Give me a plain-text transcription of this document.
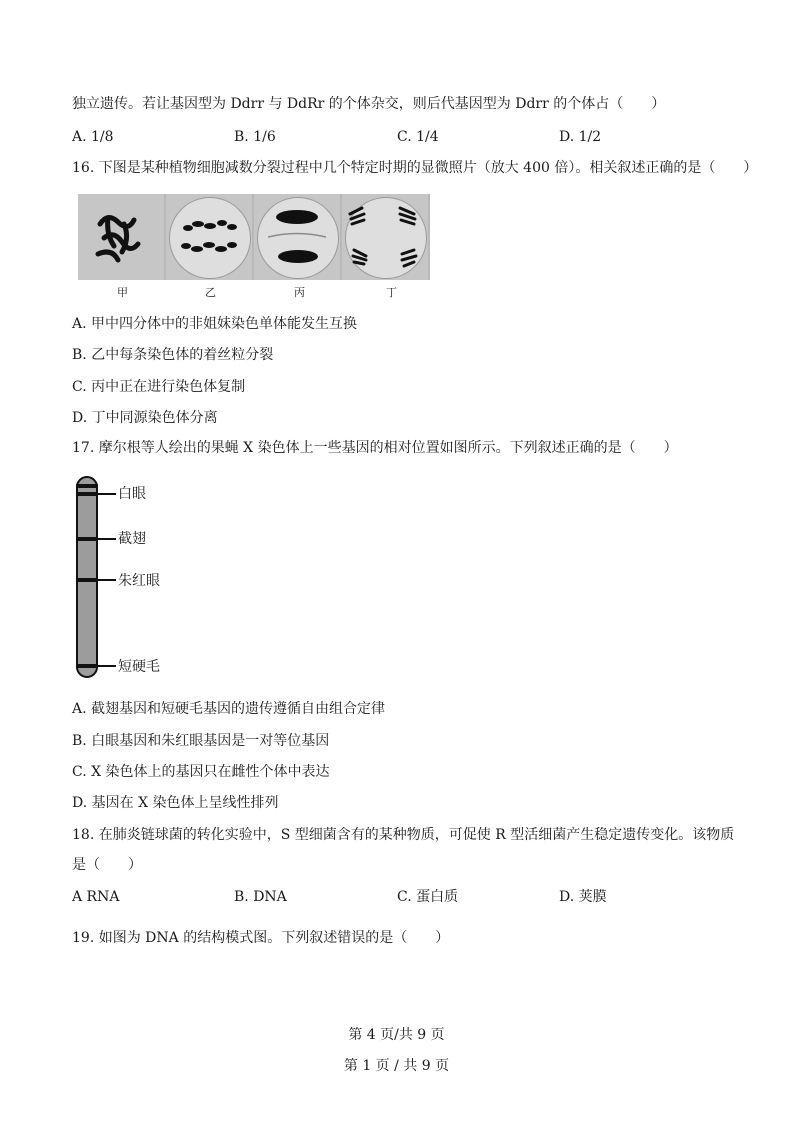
独立遗传。若让基因型为 Ddrr 与 DdRr 的个体杂交，则后代基因型为 Ddrr 的个体占（　　）
A. 1/8	B. 1/6	C. 1/4	D. 1/2
16. 下图是某种植物细胞减数分裂过程中几个特定时期的显微照片（放大 400 倍）。相关叙述正确的是（　　）
甲	乙	丙	丁
A. 甲中四分体中的非姐妹染色单体能发生互换
B. 乙中每条染色体的着丝粒分裂
C. 丙中正在进行染色体复制
D. 丁中同源染色体分离
17. 摩尔根等人绘出的果蝇 X 染色体上一些基因的相对位置如图所示。下列叙述正确的是（　　）
白眼
截翅
朱红眼
短硬毛
A. 截翅基因和短硬毛基因的遗传遵循自由组合定律
B. 白眼基因和朱红眼基因是一对等位基因
C. X 染色体上的基因只在雌性个体中表达
D. 基因在 X 染色体上呈线性排列
18. 在肺炎链球菌的转化实验中，S 型细菌含有的某种物质，可促使 R 型活细菌产生稳定遗传变化。该物质
是（　　）
A RNA	B. DNA	C. 蛋白质	D. 荚膜
19. 如图为 DNA 的结构模式图。下列叙述错误的是（　　）
第 4 页/共 9 页
第 1 页 / 共 9 页
